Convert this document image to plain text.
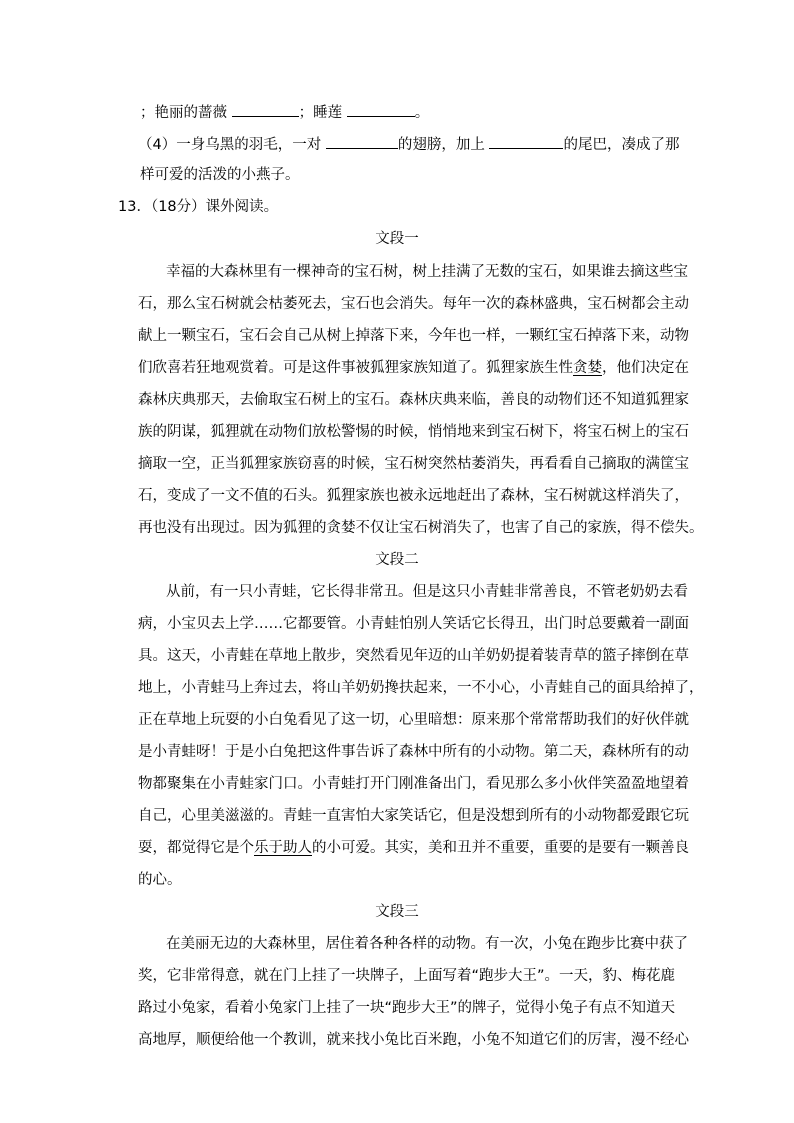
；艳丽的蔷薇	；睡莲	。
（4）一身乌黑的羽毛，一对	的翅膀，加上	的尾巴，凑成了那
样可爱的活泼的小燕子。
13．（18分）课外阅读。
文段一
幸福的大森林里有一棵神奇的宝石树，树上挂满了无数的宝石，如果谁去摘这些宝
石，那么宝石树就会枯萎死去，宝石也会消失。每年一次的森林盛典，宝石树都会主动
献上一颗宝石，宝石会自己从树上掉落下来，今年也一样，一颗红宝石掉落下来，动物
们欣喜若狂地观赏着。可是这件事被狐狸家族知道了。狐狸家族生性贪婪，他们决定在
森林庆典那天，去偷取宝石树上的宝石。森林庆典来临，善良的动物们还不知道狐狸家
族的阴谋，狐狸就在动物们放松警惕的时候，悄悄地来到宝石树下，将宝石树上的宝石
摘取一空，正当狐狸家族窃喜的时候，宝石树突然枯萎消失，再看看自己摘取的满筐宝
石，变成了一文不值的石头。狐狸家族也被永远地赶出了森林，宝石树就这样消失了，
再也没有出现过。因为狐狸的贪婪不仅让宝石树消失了，也害了自己的家族，得不偿失。
文段二
从前，有一只小青蛙，它长得非常丑。但是这只小青蛙非常善良，不管老奶奶去看
病，小宝贝去上学……它都要管。小青蛙怕别人笑话它长得丑，出门时总要戴着一副面
具。这天，小青蛙在草地上散步，突然看见年迈的山羊奶奶提着装青草的篮子摔倒在草
地上，小青蛙马上奔过去，将山羊奶奶搀扶起来，一不小心，小青蛙自己的面具给掉了，
正在草地上玩耍的小白兔看见了这一切，心里暗想：原来那个常常帮助我们的好伙伴就
是小青蛙呀！于是小白兔把这件事告诉了森林中所有的小动物。第二天，森林所有的动
物都聚集在小青蛙家门口。小青蛙打开门刚准备出门，看见那么多小伙伴笑盈盈地望着
自己，心里美滋滋的。青蛙一直害怕大家笑话它，但是没想到所有的小动物都爱跟它玩
耍，都觉得它是个乐于助人的小可爱。其实，美和丑并不重要，重要的是要有一颗善良
的心。
文段三
在美丽无边的大森林里，居住着各种各样的动物。有一次，小兔在跑步比赛中获了
奖，它非常得意，就在门上挂了一块牌子，上面写着“跑步大王”。一天，豹、梅花鹿
路过小兔家，看着小兔家门上挂了一块“跑步大王”的牌子，觉得小兔子有点不知道天
高地厚，顺便给他一个教训，就来找小兔比百米跑，小兔不知道它们的厉害，漫不经心
